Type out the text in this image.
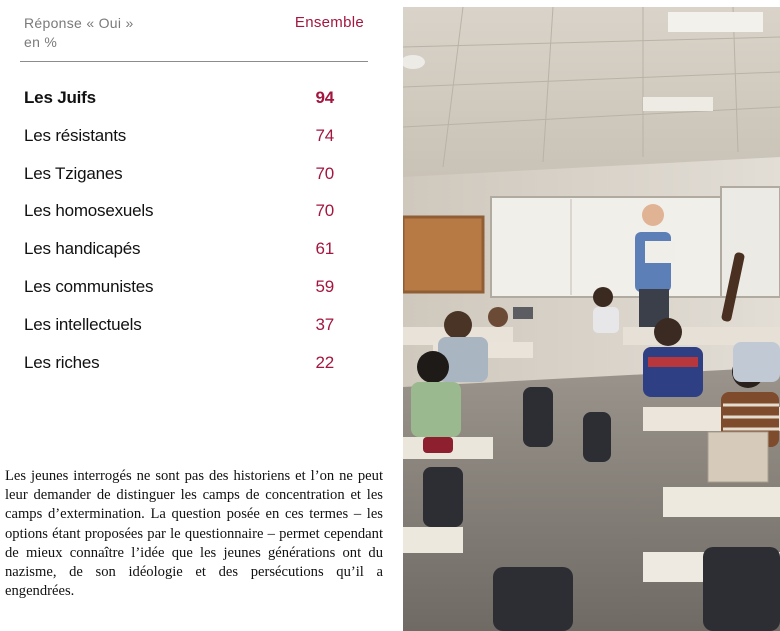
Réponse « Oui »
en %
Ensemble
Les Juifs	94
Les résistants	74
Les Tziganes	70
Les homosexuels	70
Les handicapés	61
Les communistes	59
Les intellectuels	37
Les riches	22
Les jeunes interrogés ne sont pas des historiens et l’on ne peut leur demander de distinguer les camps de concentration et les camps d’extermination. La question posée en ces termes – les options étant proposées par le questionnaire – permet cependant de mieux connaître l’idée que les jeunes générations ont du nazisme, de son idéologie et des persécutions qu’il a engendrées.
